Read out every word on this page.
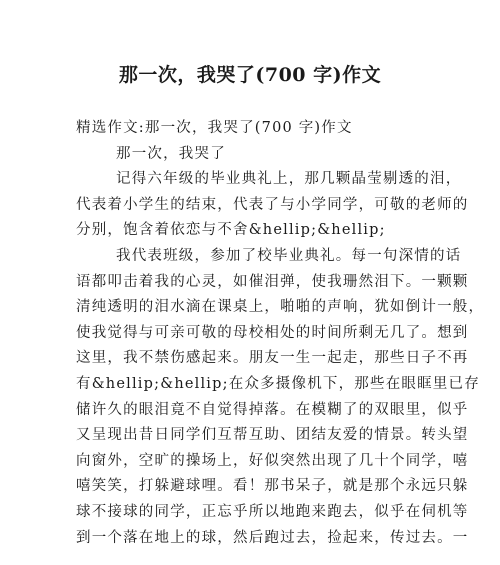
那一次，我哭了(700 字)作文
精选作文:那一次，我哭了(700 字)作文
那一次，我哭了
记得六年级的毕业典礼上，那几颗晶莹剔透的泪，
代表着小学生的结束，代表了与小学同学，可敬的老师的
分别，饱含着依恋与不舍&hellip;&hellip;
我代表班级，参加了校毕业典礼。每一句深情的话
语都叩击着我的心灵，如催泪弹，使我珊然泪下。一颗颗
清纯透明的泪水滴在课桌上，啪啪的声响，犹如倒计一般，
使我觉得与可亲可敬的母校相处的时间所剩无几了。想到
这里，我不禁伤感起来。朋友一生一起走，那些日子不再
有&hellip;&hellip;在众多摄像机下，那些在眼眶里已存
储许久的眼泪竟不自觉得掉落。在模糊了的双眼里，似乎
又呈现出昔日同学们互帮互助、团结友爱的情景。转头望
向窗外，空旷的操场上，好似突然出现了几十个同学，嘻
嘻笑笑，打躲避球哩。看！那书呆子，就是那个永远只躲
球不接球的同学，正忘乎所以地跑来跑去，似乎在伺机等
到一个落在地上的球，然后跑过去，捡起来，传过去。一
